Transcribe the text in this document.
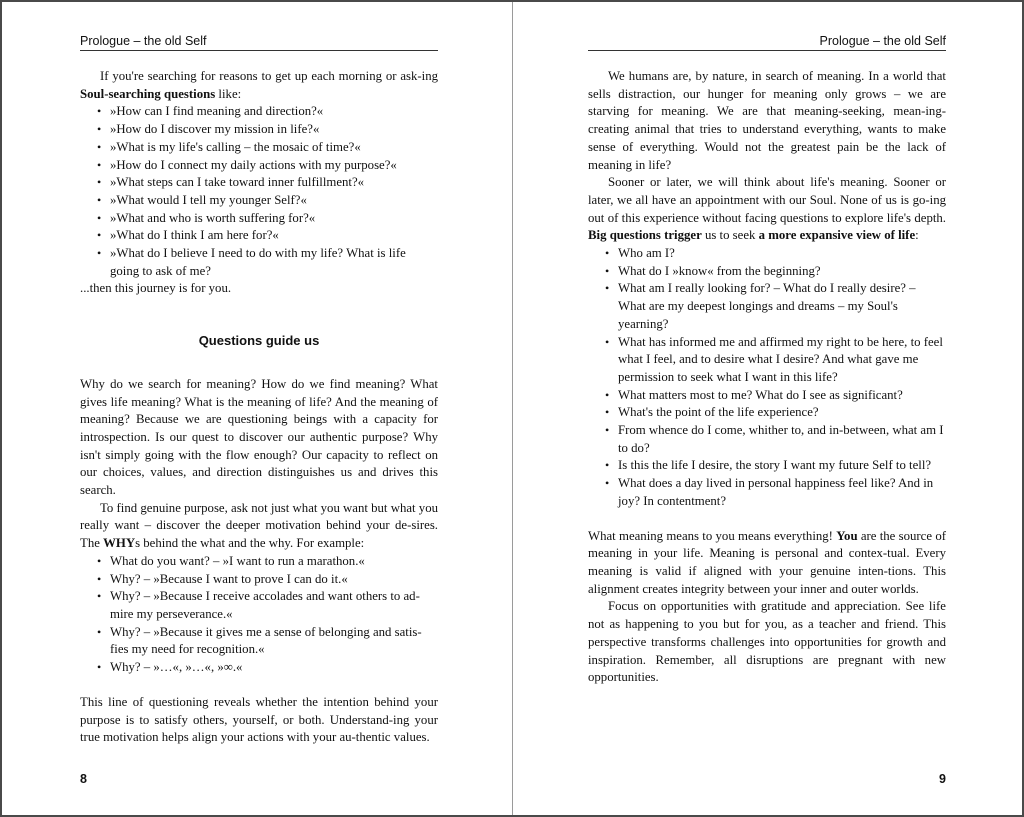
Prologue – the old Self

If you're searching for reasons to get up each morning or ask-ing Soul-searching questions like:

• »How can I find meaning and direction?«
• »How do I discover my mission in life?«
• »What is my life's calling – the mosaic of time?«
• »How do I connect my daily actions with my purpose?«
• »What steps can I take toward inner fulfillment?«
• »What would I tell my younger Self?«
• »What and who is worth suffering for?«
• »What do I think I am here for?«
• »What do I believe I need to do with my life? What is life going to ask of me?

...then this journey is for you.

Questions guide us

Why do we search for meaning? How do we find meaning? What gives life meaning? What is the meaning of life? And the meaning of meaning? Because we are questioning beings with a capacity for introspection. Is our quest to discover our authentic purpose? Why isn't simply going with the flow enough? Our capacity to reflect on our choices, values, and direction distinguishes us and drives this search.

To find genuine purpose, ask not just what you want but what you really want – discover the deeper motivation behind your de-sires. The WHYs behind the what and the why. For example:

• What do you want? – »I want to run a marathon.«
• Why? – »Because I want to prove I can do it.«
• Why? – »Because I receive accolades and want others to ad-mire my perseverance.«
• Why? – »Because it gives me a sense of belonging and satis-fies my need for recognition.«
• Why? – »…«, »…«, »∞.«

This line of questioning reveals whether the intention behind your purpose is to satisfy others, yourself, or both. Understand-ing your true motivation helps align your actions with your au-thentic values.

8
Prologue – the old Self

We humans are, by nature, in search of meaning. In a world that sells distraction, our hunger for meaning only grows – we are starving for meaning. We are that meaning-seeking, mean-ing-creating animal that tries to understand everything, wants to make sense of everything. Would not the greatest pain be the lack of meaning in life?

Sooner or later, we will think about life's meaning. Sooner or later, we all have an appointment with our Soul. None of us is go-ing out of this experience without facing questions to explore life's depth. Big questions trigger us to seek a more expansive view of life:

• Who am I?
• What do I »know« from the beginning?
• What am I really looking for? – What do I really desire? – What are my deepest longings and dreams – my Soul's yearning?
• What has informed me and affirmed my right to be here, to feel what I feel, and to desire what I desire? And what gave me permission to seek what I want in this life?
• What matters most to me? What do I see as significant?
• What's the point of the life experience?
• From whence do I come, whither to, and in-between, what am I to do?
• Is this the life I desire, the story I want my future Self to tell?
• What does a day lived in personal happiness feel like? And in joy? In contentment?

What meaning means to you means everything! You are the source of meaning in your life. Meaning is personal and contex-tual. Every meaning is valid if aligned with your genuine inten-tions. This alignment creates integrity between your inner and outer worlds.

Focus on opportunities with gratitude and appreciation. See life not as happening to you but for you, as a teacher and friend. This perspective transforms challenges into opportunities for growth and inspiration. Remember, all disruptions are pregnant with new opportunities.

9
